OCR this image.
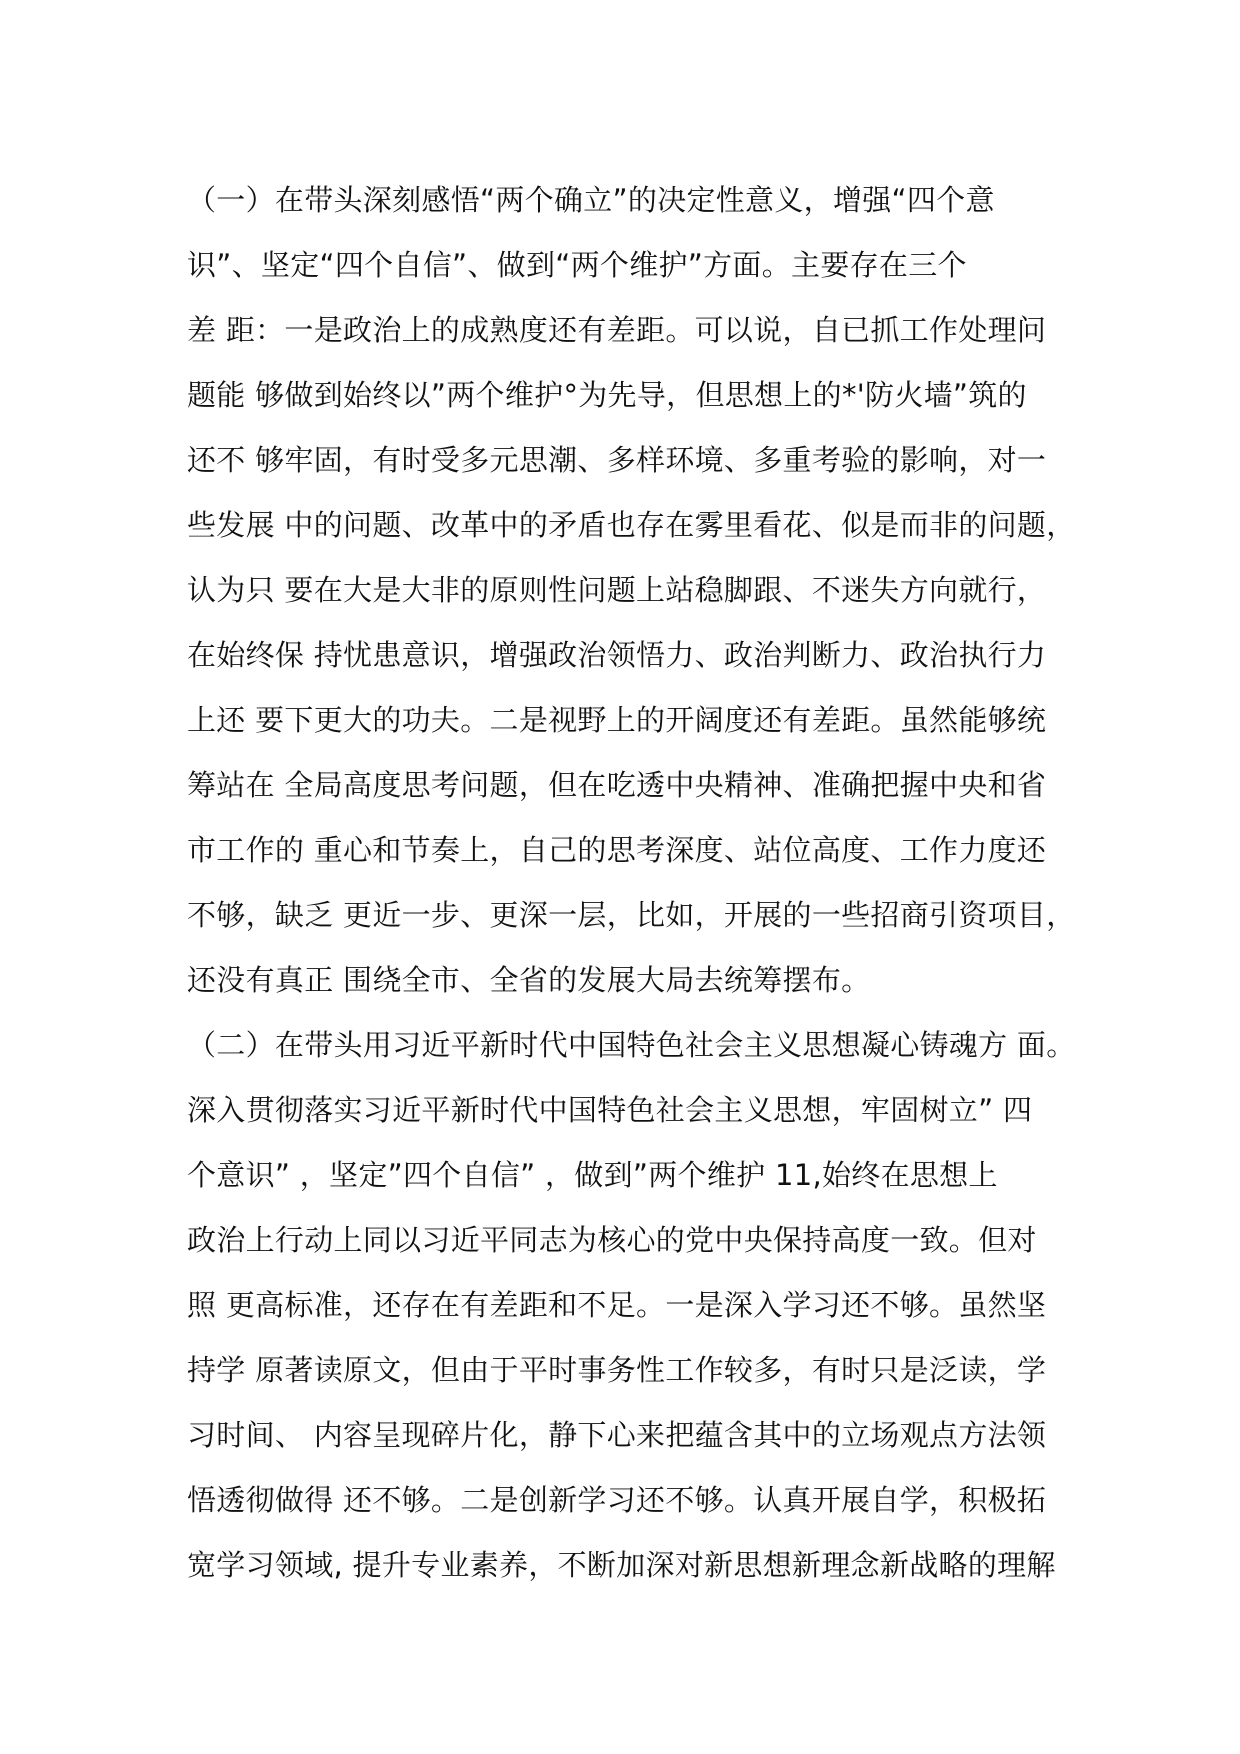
（一）在带头深刻感悟“两个确立”的决定性意义，增强“四个意
识”、坚定“四个自信”、做到“两个维护”方面。主要存在三个
差 距：一是政治上的成熟度还有差距。可以说，自已抓工作处理问
题能 够做到始终以”两个维护°为先导，但思想上的*'防火墙”筑的
还不 够牢固，有时受多元思潮、多样环境、多重考验的影响，对一
些发展 中的问题、改革中的矛盾也存在雾里看花、似是而非的问题，
认为只 要在大是大非的原则性问题上站稳脚跟、不迷失方向就行，
在始终保 持忧患意识，增强政治领悟力、政治判断力、政治执行力
上还 要下更大的功夫。二是视野上的开阔度还有差距。虽然能够统
筹站在 全局高度思考问题，但在吃透中央精神、准确把握中央和省
市工作的 重心和节奏上，自己的思考深度、站位高度、工作力度还
不够，缺乏 更近一步、更深一层，比如，开展的一些招商引资项目，
还没有真正 围绕全市、全省的发展大局去统筹摆布。
（二）在带头用习近平新时代中国特色社会主义思想凝心铸魂方 面。
深入贯彻落实习近平新时代中国特色社会主义思想，牢固树立” 四
个意识” ，坚定”四个自信” ，做到”两个维护 11,始终在思想上
政治上行动上同以习近平同志为核心的党中央保持高度一致。但对
照 更高标准，还存在有差距和不足。一是深入学习还不够。虽然坚
持学 原著读原文，但由于平时事务性工作较多，有时只是泛读，学
习时间、 内容呈现碎片化，静下心来把蕴含其中的立场观点方法领
悟透彻做得 还不够。二是创新学习还不够。认真开展自学，积极拓
宽学习领域, 提升专业素养，不断加深对新思想新理念新战略的理解
